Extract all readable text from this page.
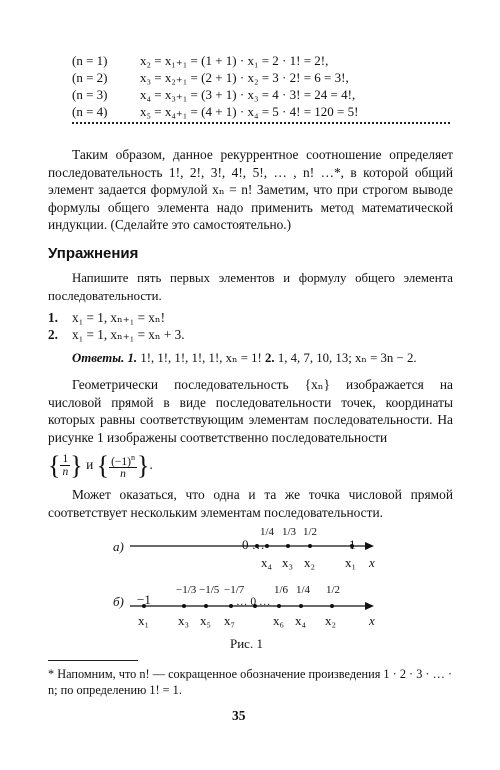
(n = 1)	x₂ = x₁₊₁ = (1 + 1) · x₁ = 2 · 1! = 2!,
(n = 2)	x₃ = x₂₊₁ = (2 + 1) · x₂ = 3 · 2! = 6 = 3!,
(n = 3)	x₄ = x₃₊₁ = (3 + 1) · x₃ = 4 · 3! = 24 = 4!,
(n = 4)	x₅ = x₄₊₁ = (4 + 1) · x₄ = 5 · 4! = 120 = 5!
Таким образом, данное рекуррентное соотношение определяет последовательность 1!, 2!, 3!, 4!, 5!, … , n! …*, в которой общий элемент задается формулой xₙ = n! Заметим, что при строгом выводе формулы общего элемента надо применить метод математической индукции. (Сделайте это самостоятельно.)
Упражнения
Напишите пять первых элементов и формулу общего элемента последовательности.
1. x₁ = 1, xₙ₊₁ = xₙ!
2. x₁ = 1, xₙ₊₁ = xₙ + 3.
Ответы. 1. 1!, 1!, 1!, 1!, 1!, xₙ = 1! 2. 1, 4, 7, 10, 13; xₙ = 3n − 2.
Геометрически последовательность {xₙ} изображается на числовой прямой в виде последовательности точек, координаты которых равны соответствующим элементам последовательности. На рисунке 1 изображены соответственно последовательности
{ $\frac{1}{n}$ } и { $\frac{(-1)^n}{n}$ }.
Может оказаться, что одна и та же точка числовой прямой соответствует нескольким элементам последовательности.
а)	0 …
1/4 1/3 1/2
1
x₄ x₃ x₂ x₁ x
б) −1
−1/3 −1/5 −1/7
… 0 …
1/6 1/4 1/2
x₁ x₃ x₅ x₇	x₆ x₄ x₂	x
Рис. 1
* Напомним, что n! — сокращенное обозначение произведения 1 · 2 · 3 · … · n; по определению 1! = 1.
35
